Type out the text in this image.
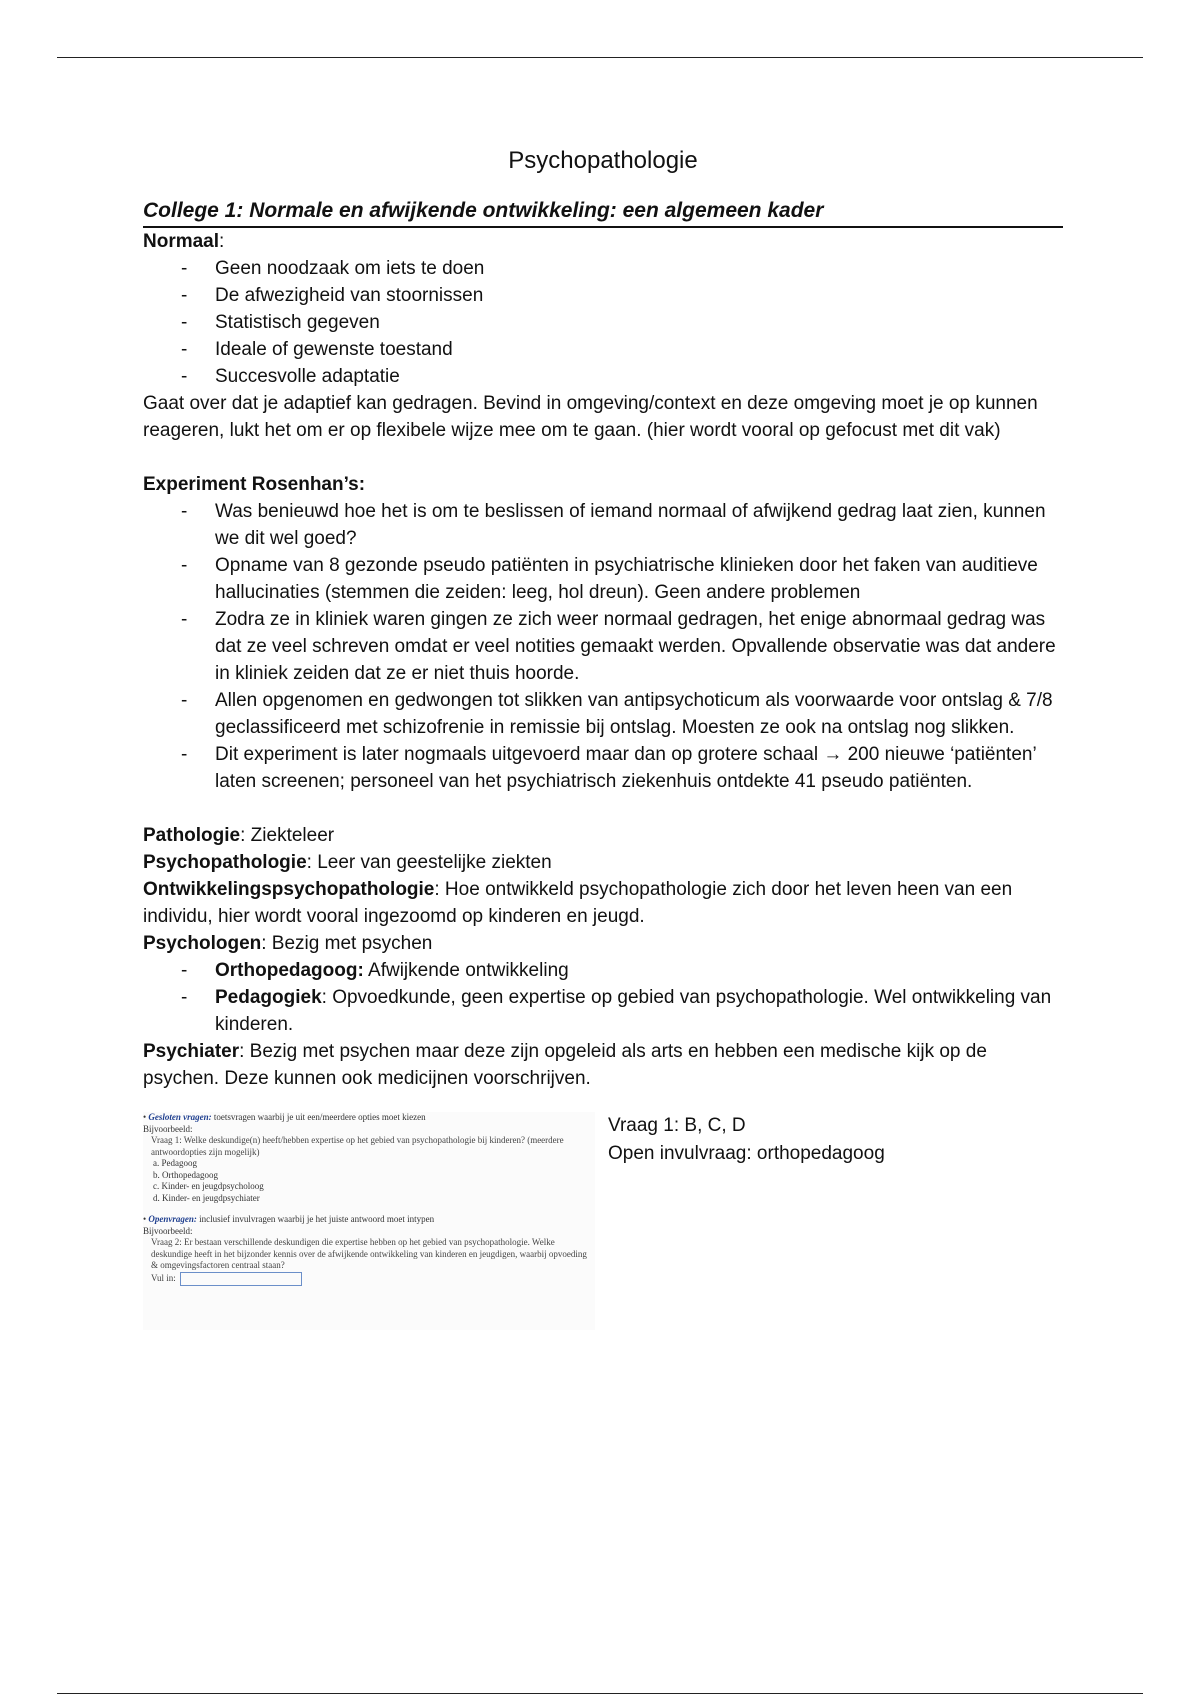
Psychopathologie
College 1: Normale en afwijkende ontwikkeling: een algemeen kader
Normaal:
- Geen noodzaak om iets te doen
- De afwezigheid van stoornissen
- Statistisch gegeven
- Ideale of gewenste toestand
- Succesvolle adaptatie
Gaat over dat je adaptief kan gedragen. Bevind in omgeving/context en deze omgeving moet je op kunnen reageren, lukt het om er op flexibele wijze mee om te gaan. (hier wordt vooral op gefocust met dit vak)
Experiment Rosenhan’s:
- Was benieuwd hoe het is om te beslissen of iemand normaal of afwijkend gedrag laat zien, kunnen we dit wel goed?
- Opname van 8 gezonde pseudo patiënten in psychiatrische klinieken door het faken van auditieve hallucinaties (stemmen die zeiden: leeg, hol dreun). Geen andere problemen
- Zodra ze in kliniek waren gingen ze zich weer normaal gedragen, het enige abnormaal gedrag was dat ze veel schreven omdat er veel notities gemaakt werden. Opvallende observatie was dat andere in kliniek zeiden dat ze er niet thuis hoorde.
- Allen opgenomen en gedwongen tot slikken van antipsychoticum als voorwaarde voor ontslag & 7/8 geclassificeerd met schizofrenie in remissie bij ontslag. Moesten ze ook na ontslag nog slikken.
- Dit experiment is later nogmaals uitgevoerd maar dan op grotere schaal → 200 nieuwe ‘patiënten’ laten screenen; personeel van het psychiatrisch ziekenhuis ontdekte 41 pseudo patiënten.
Pathologie: Ziekteleer
Psychopathologie: Leer van geestelijke ziekten
Ontwikkelingspsychopathologie: Hoe ontwikkeld psychopathologie zich door het leven heen van een individu, hier wordt vooral ingezoomd op kinderen en jeugd.
Psychologen: Bezig met psychen
- Orthopedagoog: Afwijkende ontwikkeling
- Pedagogiek: Opvoedkunde, geen expertise op gebied van psychopathologie. Wel ontwikkeling van kinderen.
Psychiater: Bezig met psychen maar deze zijn opgeleid als arts en hebben een medische kijk op de psychen. Deze kunnen ook medicijnen voorschrijven.
• Gesloten vragen: toetsvragen waarbij je uit een/meerdere opties moet kiezen
Bijvoorbeeld:
Vraag 1: Welke deskundige(n) heeft/hebben expertise op het gebied van psychopathologie bij kinderen? (meerdere antwoordopties zijn mogelijk)
a. Pedagoog
b. Orthopedagoog
c. Kinder- en jeugdpsycholoog
d. Kinder- en jeugdpsychiater
• Openvragen: inclusief invulvragen waarbij je het juiste antwoord moet intypen
Bijvoorbeeld:
Vraag 2: Er bestaan verschillende deskundigen die expertise hebben op het gebied van psychopathologie. Welke deskundige heeft in het bijzonder kennis over de afwijkende ontwikkeling van kinderen en jeugdigen, waarbij opvoeding & omgevingsfactoren centraal staan?
Vul in:
Vraag 1: B, C, D
Open invulvraag: orthopedagoog
